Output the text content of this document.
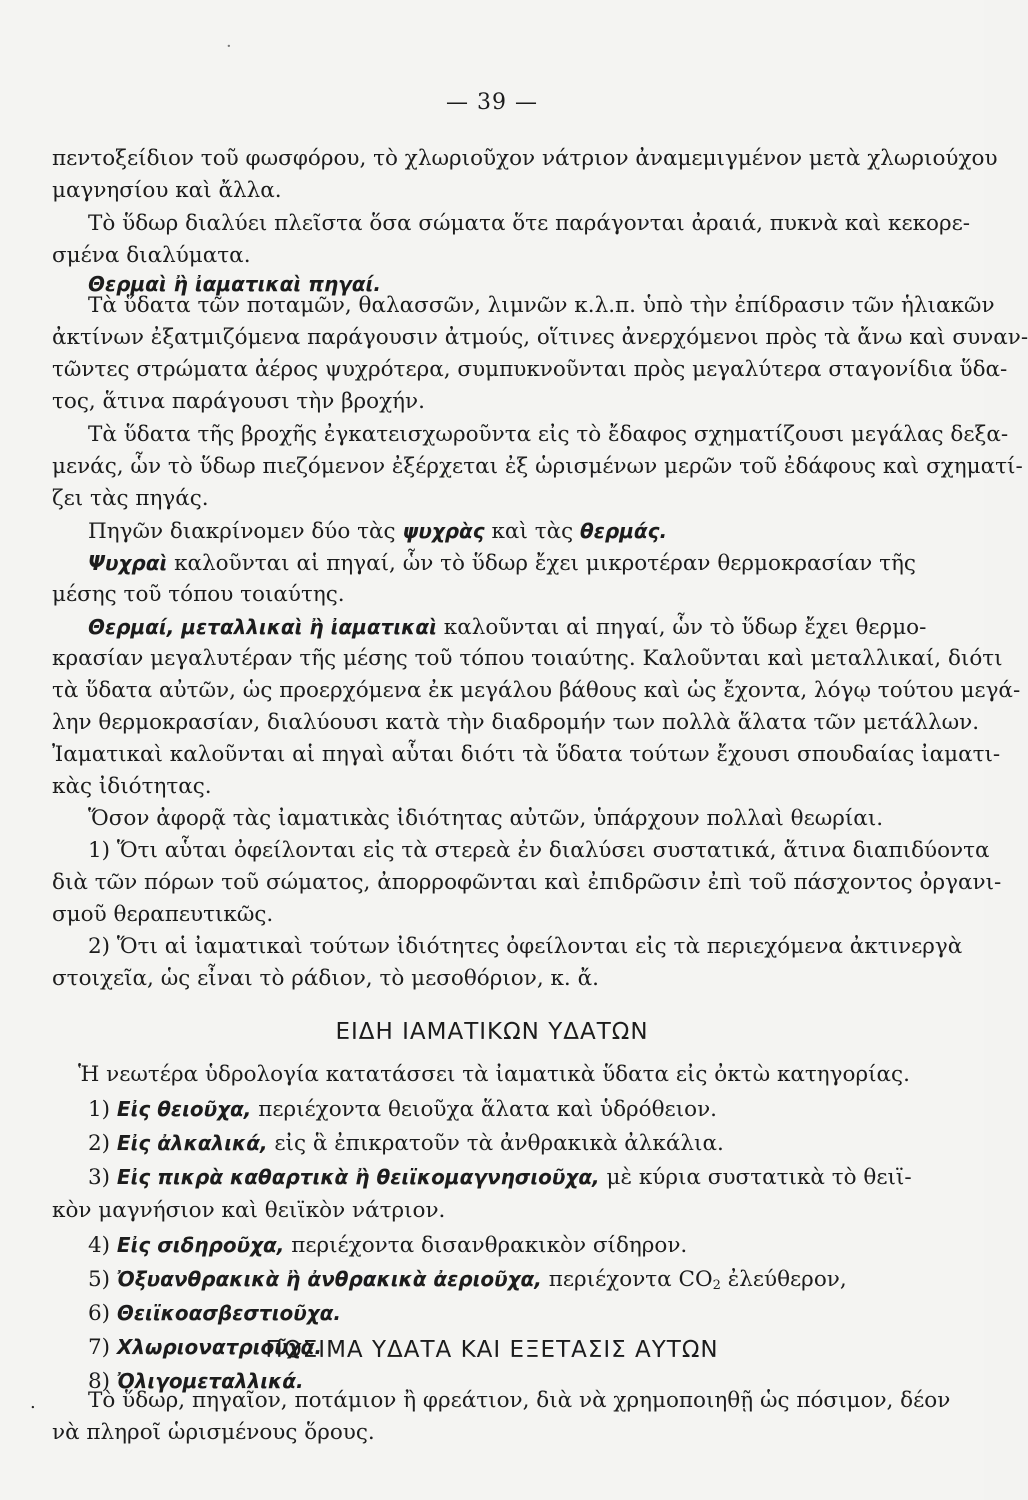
·
— 39 —
πεντοξείδιον τοῦ φωσφόρου, τὸ χλωριοῦχον νάτριον ἀναμεμιγμένον μετὰ χλωριούχου
μαγνησίου καὶ ἄλλα.
Τὸ ὕδωρ διαλύει πλεῖστα ὅσα σώματα ὅτε παράγονται ἀραιά, πυκνὰ καὶ κεκορε-
σμένα διαλύματα.
Θερμαὶ ἢ ἰαματικαὶ πηγαί.
Τὰ ὕδατα τῶν ποταμῶν, θαλασσῶν, λιμνῶν κ.λ.π. ὑπὸ τὴν ἐπίδρασιν τῶν ἡλιακῶν
ἀκτίνων ἐξατμιζόμενα παράγουσιν ἀτμούς, οἵτινες ἀνερχόμενοι πρὸς τὰ ἄνω καὶ συναν-
τῶντες στρώματα ἀέρος ψυχρότερα, συμπυκνοῦνται πρὸς μεγαλύτερα σταγονίδια ὕδα-
τος, ἅτινα παράγουσι τὴν βροχήν.
Τὰ ὕδατα τῆς βροχῆς ἐγκατεισχωροῦντα εἰς τὸ ἔδαφος σχηματίζουσι μεγάλας δεξα-
μενάς, ὧν τὸ ὕδωρ πιεζόμενον ἐξέρχεται ἐξ ὡρισμένων μερῶν τοῦ ἐδάφους καὶ σχηματί-
ζει τὰς πηγάς.
Πηγῶν διακρίνομεν δύο τὰς ψυχρὰς καὶ τὰς θερμάς.
Ψυχραὶ καλοῦνται αἱ πηγαί, ὧν τὸ ὕδωρ ἔχει μικροτέραν θερμοκρασίαν τῆς
μέσης τοῦ τόπου τοιαύτης.
Θερμαί, μεταλλικαὶ ἢ ἰαματικαὶ καλοῦνται αἱ πηγαί, ὧν τὸ ὕδωρ ἔχει θερμο-
κρασίαν μεγαλυτέραν τῆς μέσης τοῦ τόπου τοιαύτης. Καλοῦνται καὶ μεταλλικαί, διότι
τὰ ὕδατα αὐτῶν, ὡς προερχόμενα ἐκ μεγάλου βάθους καὶ ὡς ἔχοντα, λόγῳ τούτου μεγά-
λην θερμοκρασίαν, διαλύουσι κατὰ τὴν διαδρομήν των πολλὰ ἅλατα τῶν μετάλλων.
Ἰαματικαὶ καλοῦνται αἱ πηγαὶ αὗται διότι τὰ ὕδατα τούτων ἔχουσι σπουδαίας ἰαματι-
κὰς ἰδιότητας.
Ὅσον ἀφορᾷ τὰς ἰαματικὰς ἰδιότητας αὐτῶν, ὑπάρχουν πολλαὶ θεωρίαι.
1) Ὅτι αὗται ὀφείλονται εἰς τὰ στερεὰ ἐν διαλύσει συστατικά, ἅτινα διαπιδύοντα
διὰ τῶν πόρων τοῦ σώματος, ἀπορροφῶνται καὶ ἐπιδρῶσιν ἐπὶ τοῦ πάσχοντος ὀργανι-
σμοῦ θεραπευτικῶς.
2) Ὅτι αἱ ἰαματικαὶ τούτων ἰδιότητες ὀφείλονται εἰς τὰ περιεχόμενα ἀκτινεργὰ
στοιχεῖα, ὡς εἶναι τὸ ράδιον, τὸ μεσοθόριον, κ. ἄ.
ΕΙΔΗ ΙΑΜΑΤΙΚΩΝ ΥΔΑΤΩΝ
Ἡ νεωτέρα ὑδρολογία κατατάσσει τὰ ἰαματικὰ ὕδατα εἰς ὀκτὼ κατηγορίας.
1) Εἰς θειοῦχα, περιέχοντα θειοῦχα ἅλατα καὶ ὑδρόθειον.
2) Εἰς ἀλκαλικά, εἰς ἃ ἐπικρατοῦν τὰ ἀνθρακικὰ ἀλκάλια.
3) Εἰς πικρὰ καθαρτικὰ ἢ θειϊκομαγνησιοῦχα, μὲ κύρια συστατικὰ τὸ θειϊ-
κὸν μαγνήσιον καὶ θειϊκὸν νάτριον.
4) Εἰς σιδηροῦχα, περιέχοντα δισανθρακικὸν σίδηρον.
5) Ὀξυανθρακικὰ ἢ ἀνθρακικὰ ἀεριοῦχα, περιέχοντα $CO_2$ ἐλεύθερον,
6) Θειϊκοασβεστιοῦχα.
7) Χλωριονατριοῦχα.
8) Ὀλιγομεταλλικά.
ΠΟΣΙΜΑ ΥΔΑΤΑ ΚΑΙ ΕΞΕΤΑΣΙΣ ΑΥΤΩΝ
. Τὸ ὕδωρ, πηγαῖον, ποτάμιον ἢ φρεάτιον, διὰ νὰ χρημοποιηθῇ ὡς πόσιμον, δέον
νὰ πληροῖ ὡρισμένους ὅρους.
